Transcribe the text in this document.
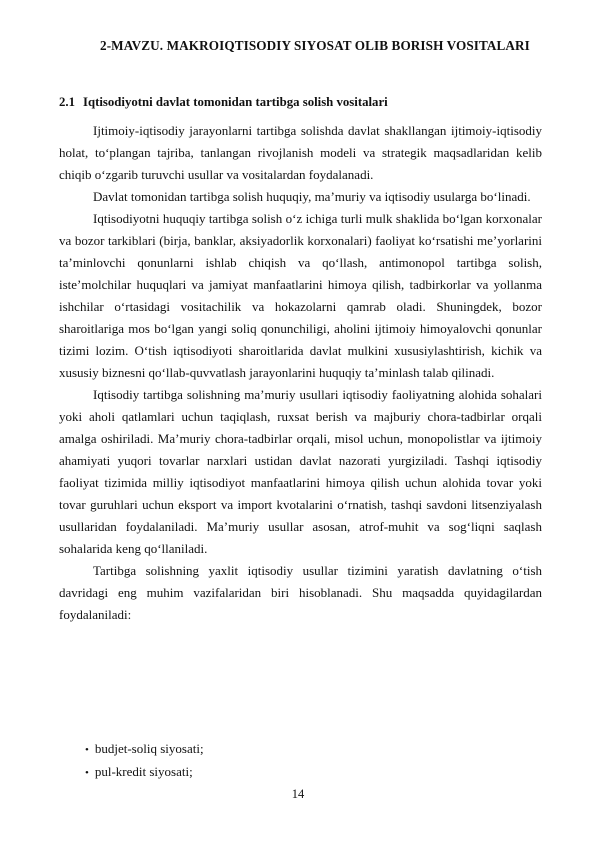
2-MAVZU. MAKROIQTISODIY SIYOSAT OLIB BORISH VOSITALARI
2.1 Iqtisodiyotni davlat tomonidan tartibga solish vositalari

Ijtimoiy-iqtisodiy jarayonlarni tartibga solishda davlat shakllangan ijtimoiy-iqtisodiy holat, to‘plangan tajriba, tanlangan rivojlanish modeli va strategik maqsadlaridan kelib chiqib o‘zgarib turuvchi usullar va vositalardan foydalanadi.

Davlat tomonidan tartibga solish huquqiy, ma’muriy va iqtisodiy usularga bo‘linadi.

Iqtisodiyotni huquqiy tartibga solish o‘z ichiga turli mulk shaklida bo‘lgan korxonalar va bozor tarkiblari (birja, banklar, aksiyadorlik korxonalari) faoliyat ko‘rsatishi me’yorlarini ta’minlovchi qonunlarni ishlab chiqish va qo‘llash, antimonopol tartibga solish, iste’molchilar huquqlari va jamiyat manfaatlarini himoya qilish, tadbirkorlar va yollanma ishchilar o‘rtasidagi vositachilik va hokazolarni qamrab oladi. Shuningdek, bozor sharoitlariga mos bo‘lgan yangi soliq qonunchiligi, aholini ijtimoiy himoyalovchi qonunlar tizimi lozim. O‘tish iqtisodiyoti sharoitlarida davlat mulkini xususiylashtirish, kichik va xususiy biznesni qo‘llab-quvvatlash jarayonlarini huquqiy ta’minlash talab qilinadi.

Iqtisodiy tartibga solishning ma’muriy usullari iqtisodiy faoliyatning alohida sohalari yoki aholi qatlamlari uchun taqiqlash, ruxsat berish va majburiy chora-tadbirlar orqali amalga oshiriladi. Ma’muriy chora-tadbirlar orqali, misol uchun, monopolistlar va ijtimoiy ahamiyati yuqori tovarlar narxlari ustidan davlat nazorati yurgiziladi. Tashqi iqtisodiy faoliyat tizimida milliy iqtisodiyot manfaatlarini himoya qilish uchun alohida tovar yoki tovar guruhlari uchun eksport va import kvotalarini o‘rnatish, tashqi savdoni litsenziyalash usullaridan foydalaniladi. Ma’muriy usullar asosan, atrof-muhit va sog‘liqni saqlash sohalarida keng qo‘llaniladi.

Tartibga solishning yaxlit iqtisodiy usullar tizimini yaratish davlatning o‘tish davridagi eng muhim vazifalaridan biri hisoblanadi. Shu maqsadda quyidagilardan foydalaniladi:

• budjet-soliq siyosati;
• pul-kredit siyosati;
14
